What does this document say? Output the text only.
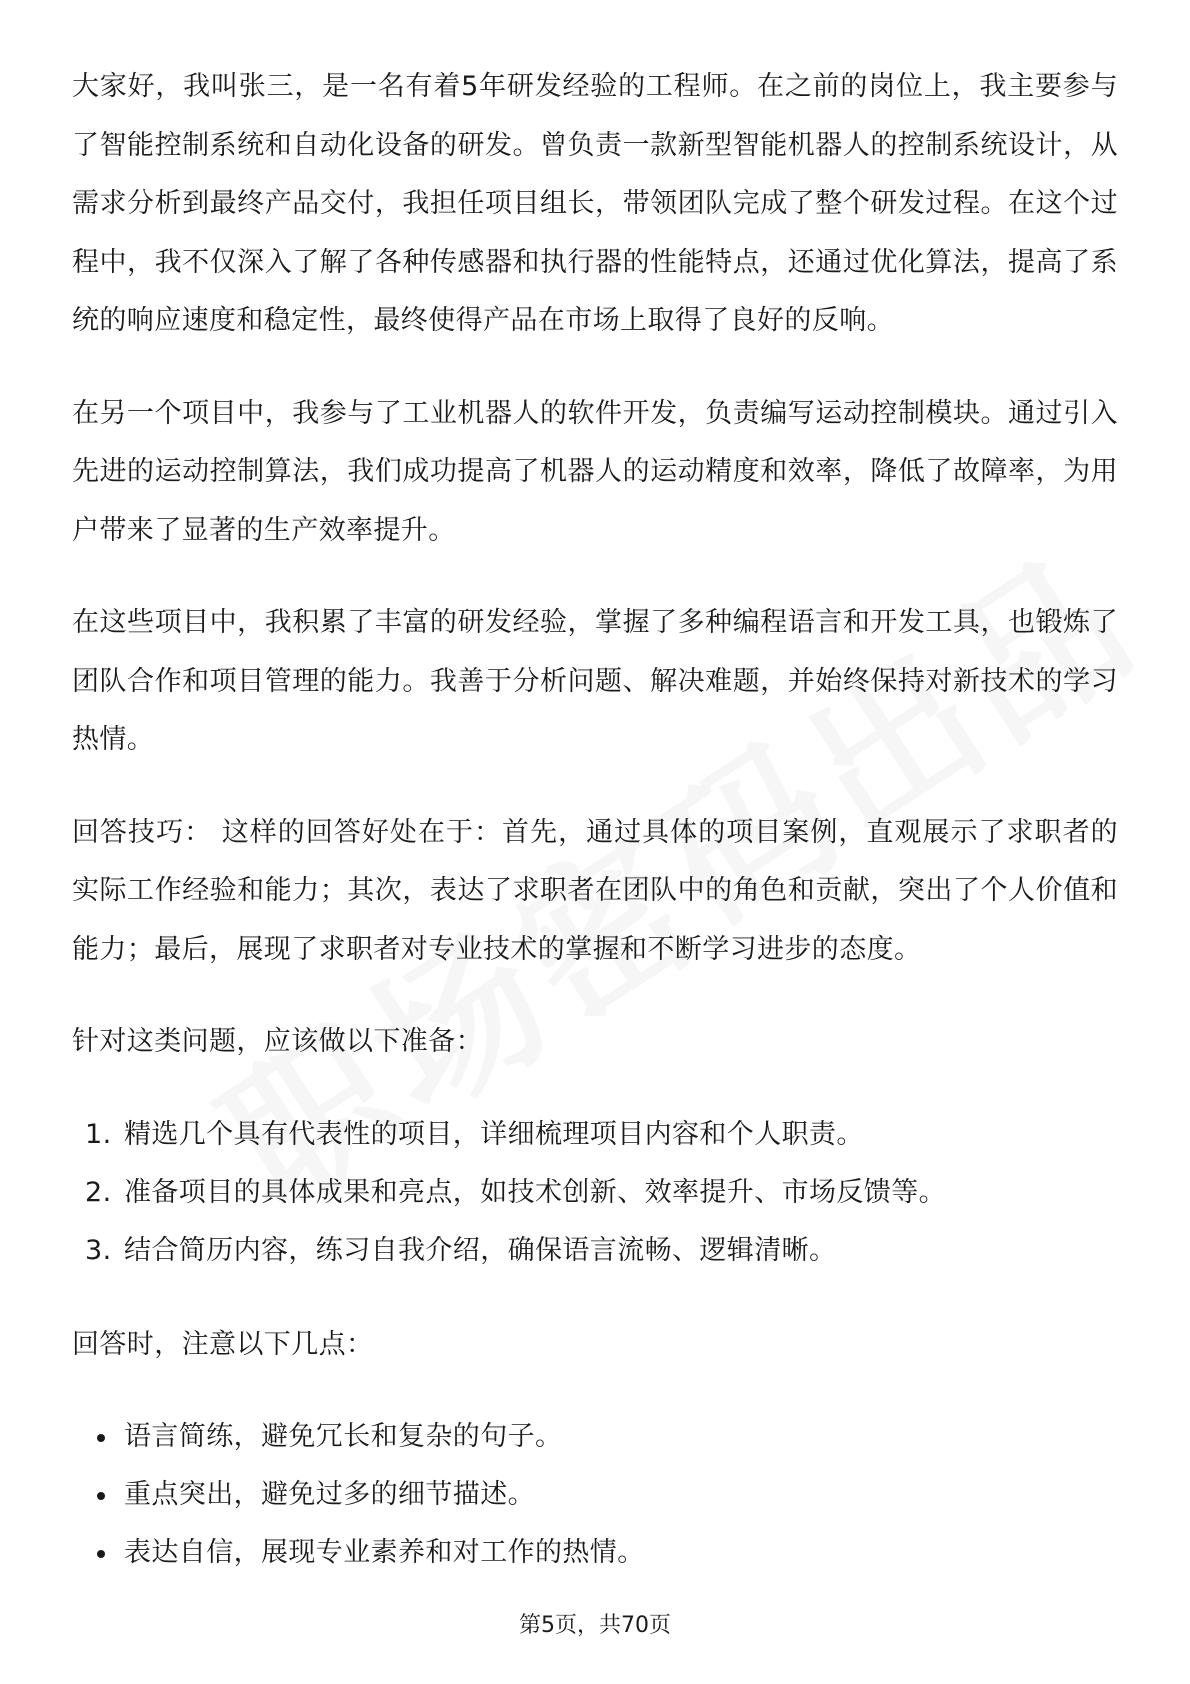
大家好，我叫张三，是一名有着5年研发经验的工程师。在之前的岗位上，我主要参与了智能控制系统和自动化设备的研发。曾负责一款新型智能机器人的控制系统设计，从需求分析到最终产品交付，我担任项目组长，带领团队完成了整个研发过程。在这个过程中，我不仅深入了解了各种传感器和执行器的性能特点，还通过优化算法，提高了系统的响应速度和稳定性，最终使得产品在市场上取得了良好的反响。

在另一个项目中，我参与了工业机器人的软件开发，负责编写运动控制模块。通过引入先进的运动控制算法，我们成功提高了机器人的运动精度和效率，降低了故障率，为用户带来了显著的生产效率提升。

在这些项目中，我积累了丰富的研发经验，掌握了多种编程语言和开发工具，也锻炼了团队合作和项目管理的能力。我善于分析问题、解决难题，并始终保持对新技术的学习热情。

回答技巧： 这样的回答好处在于：首先，通过具体的项目案例，直观展示了求职者的实际工作经验和能力；其次，表达了求职者在团队中的角色和贡献，突出了个人价值和能力；最后，展现了求职者对专业技术的掌握和不断学习进步的态度。

针对这类问题，应该做以下准备：

1. 精选几个具有代表性的项目，详细梳理项目内容和个人职责。
2. 准备项目的具体成果和亮点，如技术创新、效率提升、市场反馈等。
3. 结合简历内容，练习自我介绍，确保语言流畅、逻辑清晰。

回答时，注意以下几点：

语言简练，避免冗长和复杂的句子。
重点突出，避免过多的细节描述。
表达自信，展现专业素养和对工作的热情。
第5页，共70页
